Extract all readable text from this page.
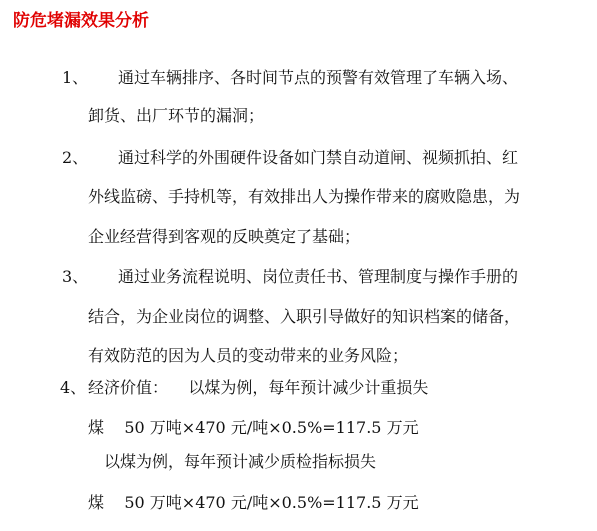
防危堵漏效果分析
1、 通过车辆排序、各时间节点的预警有效管理了车辆入场、
卸货、出厂环节的漏洞；
2、 通过科学的外围硬件设备如门禁自动道闸、视频抓拍、红
外线监磅、手持机等，有效排出人为操作带来的腐败隐患，为
企业经营得到客观的反映奠定了基础；
3、 通过业务流程说明、岗位责任书、管理制度与操作手册的
结合，为企业岗位的调整、入职引导做好的知识档案的储备，
有效防范的因为人员的变动带来的业务风险；
4、 经济价值：    以煤为例，每年预计减少计重损失
煤    50 万吨×470 元/吨×0.5%=117.5 万元
以煤为例，每年预计减少质检指标损失
煤    50 万吨×470 元/吨×0.5%=117.5 万元
